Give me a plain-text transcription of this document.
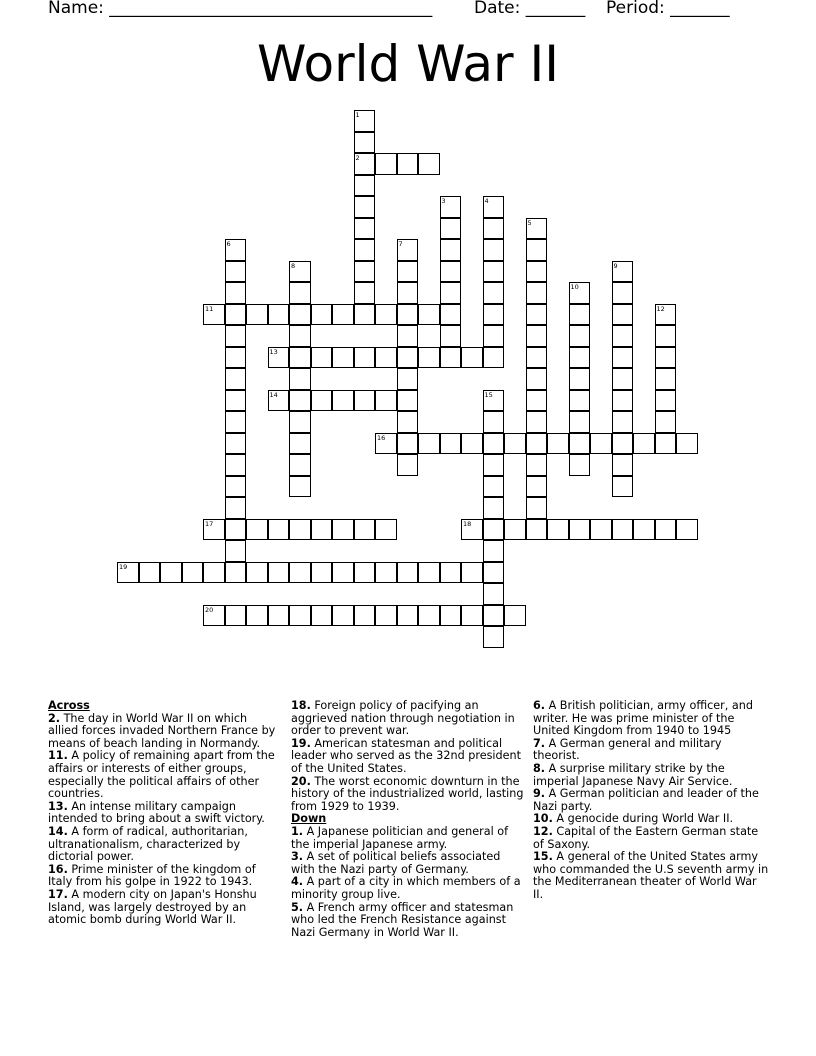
Name: ______________________________________ Date: _______ Period: _______
World War II
1
2
3	4
5
6	7
8	9
10
11	12
13
14	15
16
17	18
19
20
Across
2. The day in World War II on which allied forces invaded Northern France by means of beach landing in Normandy.
11. A policy of remaining apart from the affairs or interests of either groups, especially the political affairs of other countries.
13. An intense military campaign intended to bring about a swift victory.
14. A form of radical, authoritarian, ultranationalism, characterized by dictorial power.
16. Prime minister of the kingdom of Italy from his golpe in 1922 to 1943.
17. A modern city on Japan's Honshu Island, was largely destroyed by an atomic bomb during World War II.
18. Foreign policy of pacifying an aggrieved nation through negotiation in order to prevent war.
19. American statesman and political leader who served as the 32nd president of the United States.
20. The worst economic downturn in the history of the industrialized world, lasting from 1929 to 1939.
Down
1. A Japanese politician and general of the imperial Japanese army.
3. A set of political beliefs associated with the Nazi party of Germany.
4. A part of a city in which members of a minority group live.
5. A French army officer and statesman who led the French Resistance against Nazi Germany in World War II.
6. A British politician, army officer, and writer. He was prime minister of the United Kingdom from 1940 to 1945
7. A German general and military theorist.
8. A surprise military strike by the imperial Japanese Navy Air Service.
9. A German politician and leader of the Nazi party.
10. A genocide during World War II.
12. Capital of the Eastern German state of Saxony.
15. A general of the United States army who commanded the U.S seventh army in the Mediterranean theater of World War II.
